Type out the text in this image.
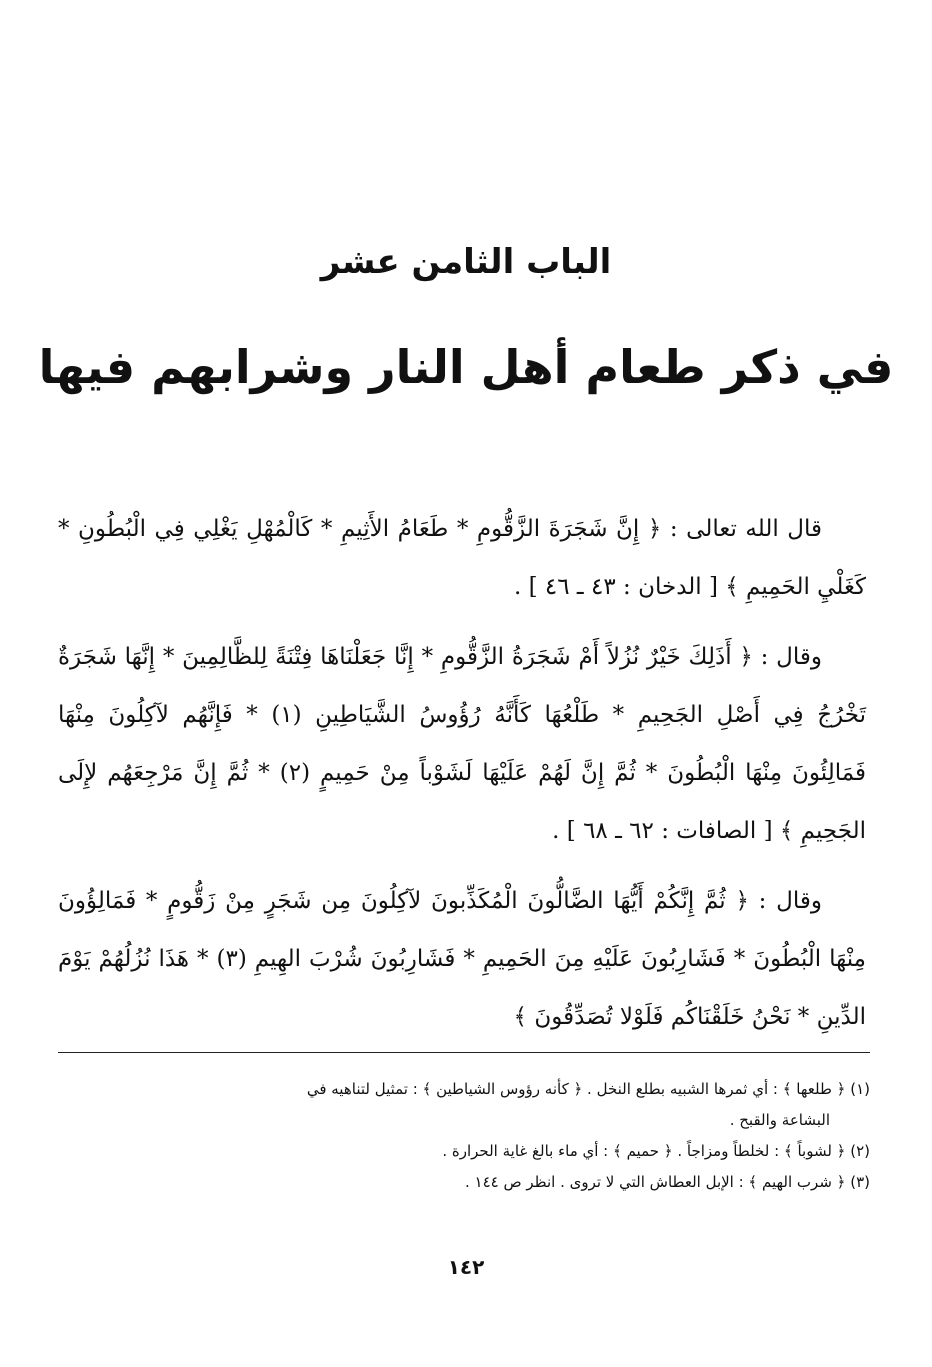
الباب الثامن عشر
في ذكر طعام أهل النار وشرابهم فيها

قال الله تعالى : ﴿ إِنَّ شَجَرَةَ الزَّقُّومِ * طَعَامُ الأَثِيمِ * كَالْمُهْلِ يَغْلِي فِي الْبُطُونِ * كَغَلْيِ الحَمِيمِ ﴾ [ الدخان : ٤٣ ـ ٤٦ ] .

وقال : ﴿ أَذَلِكَ خَيْرٌ نُزُلاً أَمْ شَجَرَةُ الزَّقُّومِ * إِنَّا جَعَلْنَاهَا فِتْنَةً لِلظَّالِمِينَ * إِنَّهَا شَجَرَةٌ تَخْرُجُ فِي أَصْلِ الجَحِيمِ * طَلْعُهَا كَأَنَّهُ رُؤُوسُ الشَّيَاطِينِ (١) * فَإِنَّهُم لآكِلُونَ مِنْهَا فَمَالِئُونَ مِنْهَا الْبُطُونَ * ثُمَّ إِنَّ لَهُمْ عَلَيْهَا لَشَوْباً مِنْ حَمِيمٍ (٢) * ثُمَّ إِنَّ مَرْجِعَهُم لإِلَى الجَحِيمِ ﴾ [ الصافات : ٦٢ ـ ٦٨ ] .

وقال : ﴿ ثُمَّ إِنَّكُمْ أَيُّهَا الضَّالُّونَ الْمُكَذِّبونَ لآكِلُونَ مِن شَجَرٍ مِنْ زَقُّومٍ * فَمَالِؤُونَ مِنْهَا الْبُطُونَ * فَشَارِبُونَ عَلَيْهِ مِنَ الحَمِيمِ * فَشَارِبُونَ شُرْبَ الهِيمِ (٣) * هَذَا نُزُلُهُمْ يَوْمَ الدِّينِ * نَحْنُ خَلَقْنَاكُم فَلَوْلا تُصَدِّقُونَ ﴾

(١) ﴿ طلعها ﴾ : أي ثمرها الشبيه بطلع النخل . ﴿ كأنه رؤوس الشياطين ﴾ : تمثيل لتناهيه في

البشاعة والقبح .

(٢) ﴿ لشوباً ﴾ : لخلطاً ومزاجاً . ﴿ حميم ﴾ : أي ماء بالغ غاية الحرارة .

(٣) ﴿ شرب الهيم ﴾ : الإبل العطاش التي لا تروى . انظر ص ١٤٤ .

١٤٢
